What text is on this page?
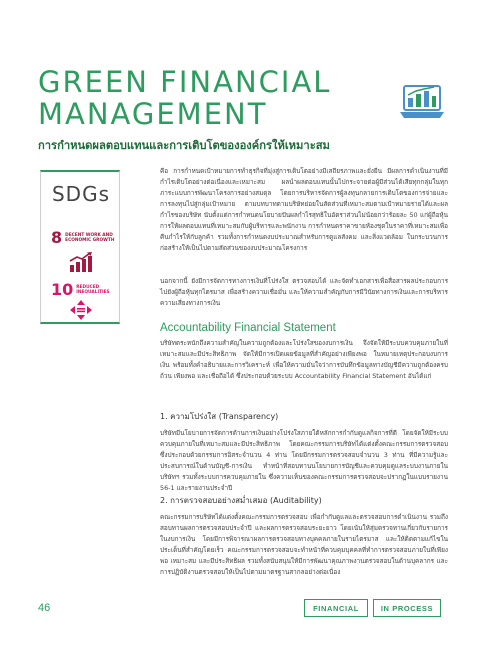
GREEN FINANCIAL
MANAGEMENT
การกำหนดผลตอบแทนและการเติบโตขององค์กรให้เหมาะสม
SDGs
8 DECENT WORK AND
ECONOMIC GROWTH
10 REDUCED
INEQUALITIES
คือ การกำหนดเป้าหมายการทำธุรกิจที่มุ่งสู่การเติบโตอย่างมีเสถียรภาพและยั่งยืน มีผลการดำเนินงานที่มีกำไรเติบโตอย่างต่อเนื่องและเหมาะสม ผลนำผลตอบแทนนั้นไปกระจายต่อผู้มีส่วนได้เสียทุกกลุ่มในทุกภาระแบบการพัฒนาโครงการอย่างสมดุล โดยการบริหารจัดการผู้ลงทุนกลายการเติบโตของการจ่ายและการลงทุนไปสู่กลุ่มเป้าหมาย ตามบทบาทตามบริษัทย่อยในสัดส่วนที่เหมาะสมตามเป้าหมายรายได้และผลกำไรของบริษัท นับตั้งแต่การกำหนดนโยบายปันผลกำไรสุทธิในอัตราส่วนไม่น้อยกว่าร้อยละ 50 แก่ผู้ถือหุ้น การให้ผลตอบแทนที่เหมาะสมกับผู้บริหารและพนักงาน การกำหนดราคาขายห้องชุดในราคาที่เหมาะสมเพื่อคืนกำไรให้กับลูกค้า รวมทั้งการกำหนดงบประมาณสำหรับการดูแลสังคม และสิ่งแวดล้อม ในกระบวนการก่อสร้างให้เป็นไปตามสัดส่วนของงบประมาณโครงการ
นอกจากนี้ ยังมีการจัดการทางการเงินที่โปร่งใส ตรวจสอบได้ และจัดทำเอกสารเพื่อสื่อสารผลประกอบการไปยังผู้ถือหุ้นทุกไตรมาส เพื่อสร้างความเชื่อมั่น และให้ความสำคัญกับการมีวินัยทางการเงินและการบริหารความเสี่ยงทางการเงิน
Accountability Financial Statement
บริษัทตระหนักถึงความสำคัญในความถูกต้องและโปร่งใสของงบการเงิน จึงจัดให้มีระบบควบคุมภายในที่เหมาะสมและมีประสิทธิภาพ จัดให้มีการเปิดเผยข้อมูลที่สำคัญอย่างเพียงพอ ในหมายเหตุประกอบงบการเงิน พร้อมทั้งคำอธิบายและการวิเคราะห์ เพื่อให้ความมั่นใจว่าการบันทึกข้อมูลทางบัญชีมีความถูกต้องครบถ้วน เพียงพอ และเชื่อถือได้ ซึ่งประกอบด้วยระบบ Accountability Financial Statement อันได้แก่
1. ความโปร่งใส (Transparency)
บริษัทมีนโยบายการจัดการด้านการเงินอย่างโปร่งใสภายใต้หลักการกำกับดูแลกิจการที่ดี โดยจัดให้มีระบบควบคุมภายในที่เหมาะสมและมีประสิทธิภาพ โดยคณะกรรมการบริษัทได้แต่งตั้งคณะกรรมการตรวจสอบซึ่งประกอบด้วยกรรมการอิสระจำนวน 4 ท่าน โดยมีกรรมการตรวจสอบจำนวน 3 ท่าน ที่มีความรู้และประสบการณ์ในด้านบัญชี-การเงิน ทำหน้าที่สอบทานนโยบายการบัญชีและควบคุมดูแลระบบงานภายในบริษัทฯ รวมทั้งระบบการควบคุมภายใน ซึ่งความเห็นของคณะกรรมการตรวจสอบจะปรากฏในแบบรายงาน 56-1 และรายงานประจำปี
2. การตรวจสอบอย่างสม่ำเสมอ (Auditability)
คณะกรรมการบริษัทได้แต่งตั้งคณะกรรมการตรวจสอบ เพื่อกำกับดูแลและตรวจสอบการดำเนินงาน รวมถึงสอบทานผลการตรวจสอบประจำปี และผลการตรวจสอบระยะยาว โดยเน้นให้สุ่มตรวจทานเกี่ยวกับรายการในงบการเงิน โดยมีการพิจารณาผลการตรวจสอบทางบุคคลภายในรายไตรมาส และให้ติดตามแก้ไขในประเด็นที่สำคัญโดยเร็ว คณะกรรมการตรวจสอบจะทำหน้าที่ควบคุมบุคคลที่ทำการตรวจสอบภายในที่เพียงพอ เหมาะสม และมีประสิทธิผล รวมทั้งสนับสนุนให้มีการพัฒนาคุณภาพงานตรวจสอบในด้านบุคลากร และการปฏิบัติงานตรวจสอบให้เป็นไปตามมาตรฐานสากลอย่างต่อเนื่อง
46	FINANCIAL	IN PROCESS
